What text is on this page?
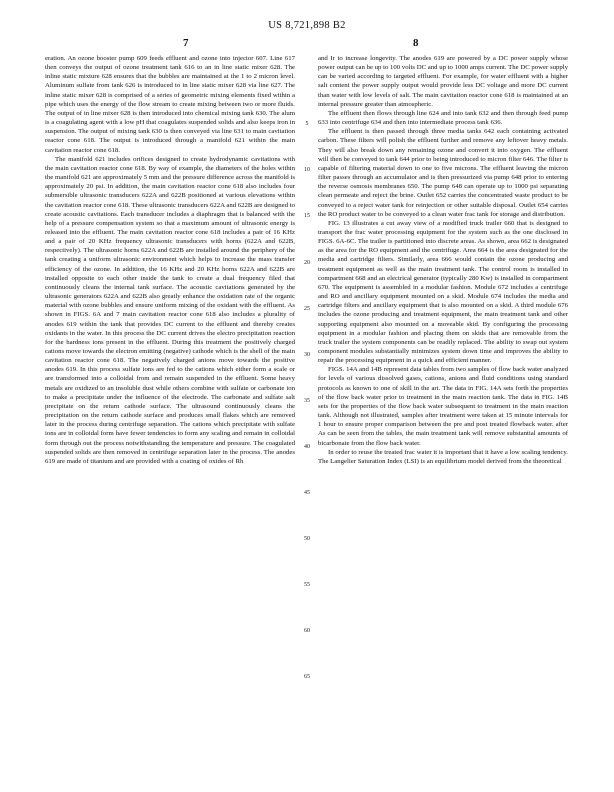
US 8,721,898 B2
7	8

eration. An ozone booster pump 609 feeds effluent and ozone into injector 607. Line 617 then conveys the output of ozone treatment tank 616 to an in line static mixer 628. The inline static mixture 628 ensures that the bubbles are maintained at the 1 to 2 micron level. Aluminum sulfate from tank 626 is introduced to in line static mixer 628 via line 627. The inline static mixer 628 is comprised of a series of geometric mixing elements fixed within a pipe which uses the energy of the flow stream to create mixing between two or more fluids. The output of in line mixer 628 is then introduced into chemical mixing tank 630. The alum is a coagulating agent with a low pH that coagulates suspended solids and also keeps iron in suspension. The output of mixing tank 630 is then conveyed via line 631 to main cavitation reactor cone 618. The output is introduced through a manifold 621 within the main cavitation reactor cone 618.

The manifold 621 includes orifices designed to create hydrodynamic cavitations with the main cavitation reactor cone 618. By way of example, the diameters of the holes within the manifold 621 are approximately 5 mm and the pressure difference across the manifold is approximately 20 psi. In addition, the main cavitation reactor cone 618 also includes four submersible ultrasonic transducers 622A and 622B positioned at various elevations within the cavitation reactor cone 618. These ultrasonic transducers 622A and 622B are designed to create acoustic cavitations. Each transducer includes a diaphragm that is balanced with the help of a pressure compensation system so that a maximum amount of ultrasonic energy is released into the effluent. The main cavitation reactor cone 618 includes a pair of 16 KHz and a pair of 20 KHz frequency ultrasonic transducers with horns (622A and 622B, respectively). The ultrasonic horns 622A and 622B are installed around the periphery of the tank creating a uniform ultrasonic environment which helps to increase the mass transfer efficiency of the ozone. In addition, the 16 KHz and 20 KHz horns 622A and 622B are installed opposite to each other inside the tank to create a dual frequency filed that continuously cleans the internal tank surface. The acoustic cavitations generated by the ultrasonic generators 622A and 622B also greatly enhance the oxidation rate of the organic material with ozone bubbles and ensure uniform mixing of the oxidant with the effluent. As shown in FIGS. 6A and 7 main cavitation reactor cone 618 also includes a plurality of anodes 619 within the tank that provides DC current to the effluent and thereby creates oxidants in the water. In this process the DC current drives the electro precipitation reaction for the hardness ions present in the effluent. During this treatment the positively charged cations move towards the electron emitting (negative) cathode which is the shell of the main cavitation reactor cone 618. The negatively charged anions move towards the positive anodes 619. In this process sulfate ions are fed to the cations which either form a scale or are transformed into a colloidal from and remain suspended in the effluent. Some heavy metals are oxidized to an insoluble dust while others combine with sulfate or carbonate ion to make a precipitate under the influence of the electrode. The carbonate and sulfate salt precipitate on the return cathode surface. The ultrasound continuously cleans the precipitation on the return cathode surface and produces small flakes which are removed later in the process during centrifuge separation. The cations which precipitate with sulfate ions are in colloidal form have fewer tendencies to form any scaling and remain in colloidal form through out the process notwithstanding the temperature and pressure. The coagulated suspended solids are then removed in centrifuge separation later in the process. The anodes 619 are made of titanium and are provided with a coating of oxides of Rh

5
10
15
20
25
30
35
40
45
50
55
60
65

and Ir to increase longevity. The anodes 619 are powered by a DC power supply whose power output can be up to 100 volts DC and up to 1000 amps current. The DC power supply can be varied according to targeted effluent. For example, for water effluent with a higher salt content the power supply output would provide less DC voltage and more DC current than water with low levels of salt. The main cavitation reactor cone 618 is maintained at an internal pressure greater than atmospheric.

The effluent then flows through line 624 and into tank 632 and then through feed pump 633 into centrifuge 634 and then into intermediate process tank 636.

The effluent is then passed through three media tanks 642 each containing activated carbon. These filters will polish the effluent further and remove any leftover heavy metals. They will also break down any remaining ozone and convert it into oxygen. The effluent will then be conveyed to tank 644 prior to being introduced to micron filter 646. The filter is capable of filtering material down to one to five microns. The effluent leaving the micron filter passes through an accumulator and is then pressurized via pump 648 prior to entering the reverse osmosis membranes 650. The pump 648 can operate up to 1000 psi separating clean permeate and reject the brine. Outlet 652 carries the concentrated waste product to be conveyed to a reject water tank for reinjection or other suitable disposal. Outlet 654 carries the RO product water to be conveyed to a clean water frac tank for storage and distribution.

FIG. 13 illustrates a cut away view of a modified truck trailer 660 that is designed to transport the frac water processing equipment for the system such as the one disclosed in FIGS. 6A-6C. The trailer is partitioned into discrete areas. As shown, area 662 is designated as the area for the RO equipment and the centrifuge. Area 664 is the area designated for the media and cartridge filters. Similarly, area 666 would contain the ozone producing and treatment equipment as well as the main treatment tank. The control room is installed in compartment 668 and an electrical generator (typically 280 Kw) is installed in compartment 670. The equipment is assembled in a modular fashion. Module 672 includes a centrifuge and RO and ancillary equipment mounted on a skid. Module 674 includes the media and cartridge filters and ancillary equipment that is also mounted on a skid. A third module 676 includes the ozone producing and treatment equipment, the main treatment tank and other supporting equipment also mounted on a moveable skid. By configuring the processing equipment in a modular fashion and placing them on skids that are removable from the truck trailer the system components can be readily replaced. The ability to swap out system component modules substantially minimizes system down time and improves the ability to repair the processing equipment in a quick and efficient manner.

FIGS. 14A and 14B represent data tables from two samples of flow back water analyzed for levels of various dissolved gases, cations, anions and fluid conditions using standard protocols as known to one of skill in the art. The data in FIG. 14A sets forth the properties of the flow back water prior to treatment in the main reaction tank. The data in FIG. 14B sets for the properties of the flow back water subsequent to treatment in the main reaction tank. Although not illustrated, samples after treatment were taken at 15 minute intervals for 1 hour to ensure proper comparison between the pre and post treated flowback water. after As can be seen from the tables, the main treatment tank will remove substantial amounts of bicarbonate from the flow back water.

In order to reuse the treated frac water it is important that it have a low scaling tendency. The Langelier Saturation Index (LSI) is an equilibrium model derived from the theoretical
